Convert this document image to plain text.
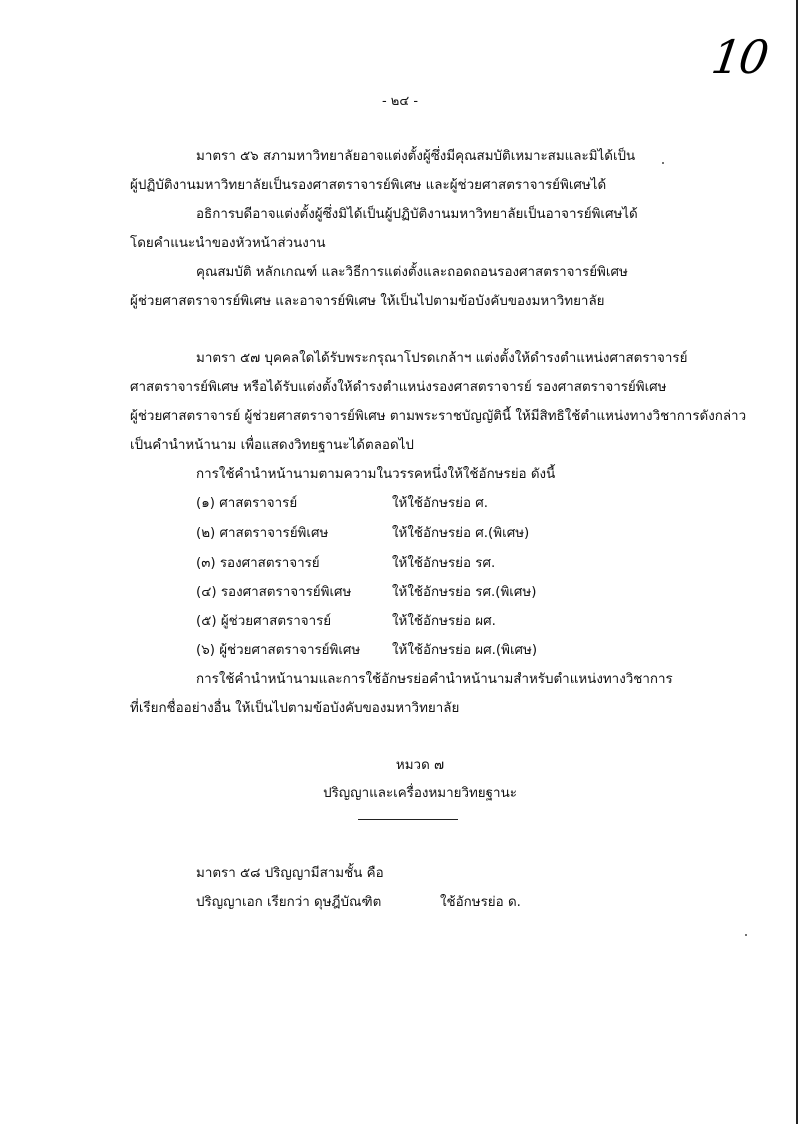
10
- ๒๔ -
มาตรา ๕๖ สภามหาวิทยาลัยอาจแต่งตั้งผู้ซึ่งมีคุณสมบัติเหมาะสมและมิได้เป็น
ผู้ปฏิบัติงานมหาวิทยาลัยเป็นรองศาสตราจารย์พิเศษ และผู้ช่วยศาสตราจารย์พิเศษได้
อธิการบดีอาจแต่งตั้งผู้ซึ่งมิได้เป็นผู้ปฏิบัติงานมหาวิทยาลัยเป็นอาจารย์พิเศษได้
โดยคำแนะนำของหัวหน้าส่วนงาน
คุณสมบัติ หลักเกณฑ์ และวิธีการแต่งตั้งและถอดถอนรองศาสตราจารย์พิเศษ
ผู้ช่วยศาสตราจารย์พิเศษ และอาจารย์พิเศษ ให้เป็นไปตามข้อบังคับของมหาวิทยาลัย
มาตรา ๕๗ บุคคลใดได้รับพระกรุณาโปรดเกล้าฯ แต่งตั้งให้ดำรงตำแหน่งศาสตราจารย์
ศาสตราจารย์พิเศษ หรือได้รับแต่งตั้งให้ดำรงตำแหน่งรองศาสตราจารย์ รองศาสตราจารย์พิเศษ
ผู้ช่วยศาสตราจารย์ ผู้ช่วยศาสตราจารย์พิเศษ ตามพระราชบัญญัตินี้ ให้มีสิทธิใช้ตำแหน่งทางวิชาการดังกล่าว
เป็นคำนำหน้านาม เพื่อแสดงวิทยฐานะได้ตลอดไป
การใช้คำนำหน้านามตามความในวรรคหนึ่งให้ใช้อักษรย่อ ดังนี้
(๑) ศาสตราจารย์	ให้ใช้อักษรย่อ ศ.
(๒) ศาสตราจารย์พิเศษ	ให้ใช้อักษรย่อ ศ.(พิเศษ)
(๓) รองศาสตราจารย์	ให้ใช้อักษรย่อ รศ.
(๔) รองศาสตราจารย์พิเศษ	ให้ใช้อักษรย่อ รศ.(พิเศษ)
(๕) ผู้ช่วยศาสตราจารย์	ให้ใช้อักษรย่อ ผศ.
(๖) ผู้ช่วยศาสตราจารย์พิเศษ ให้ใช้อักษรย่อ ผศ.(พิเศษ)
การใช้คำนำหน้านามและการใช้อักษรย่อคำนำหน้านามสำหรับตำแหน่งทางวิชาการ
ที่เรียกชื่ออย่างอื่น ให้เป็นไปตามข้อบังคับของมหาวิทยาลัย
หมวด ๗
ปริญญาและเครื่องหมายวิทยฐานะ
มาตรา ๕๘ ปริญญามีสามชั้น คือ
ปริญญาเอก เรียกว่า ดุษฎีบัณฑิต	ใช้อักษรย่อ ด.
